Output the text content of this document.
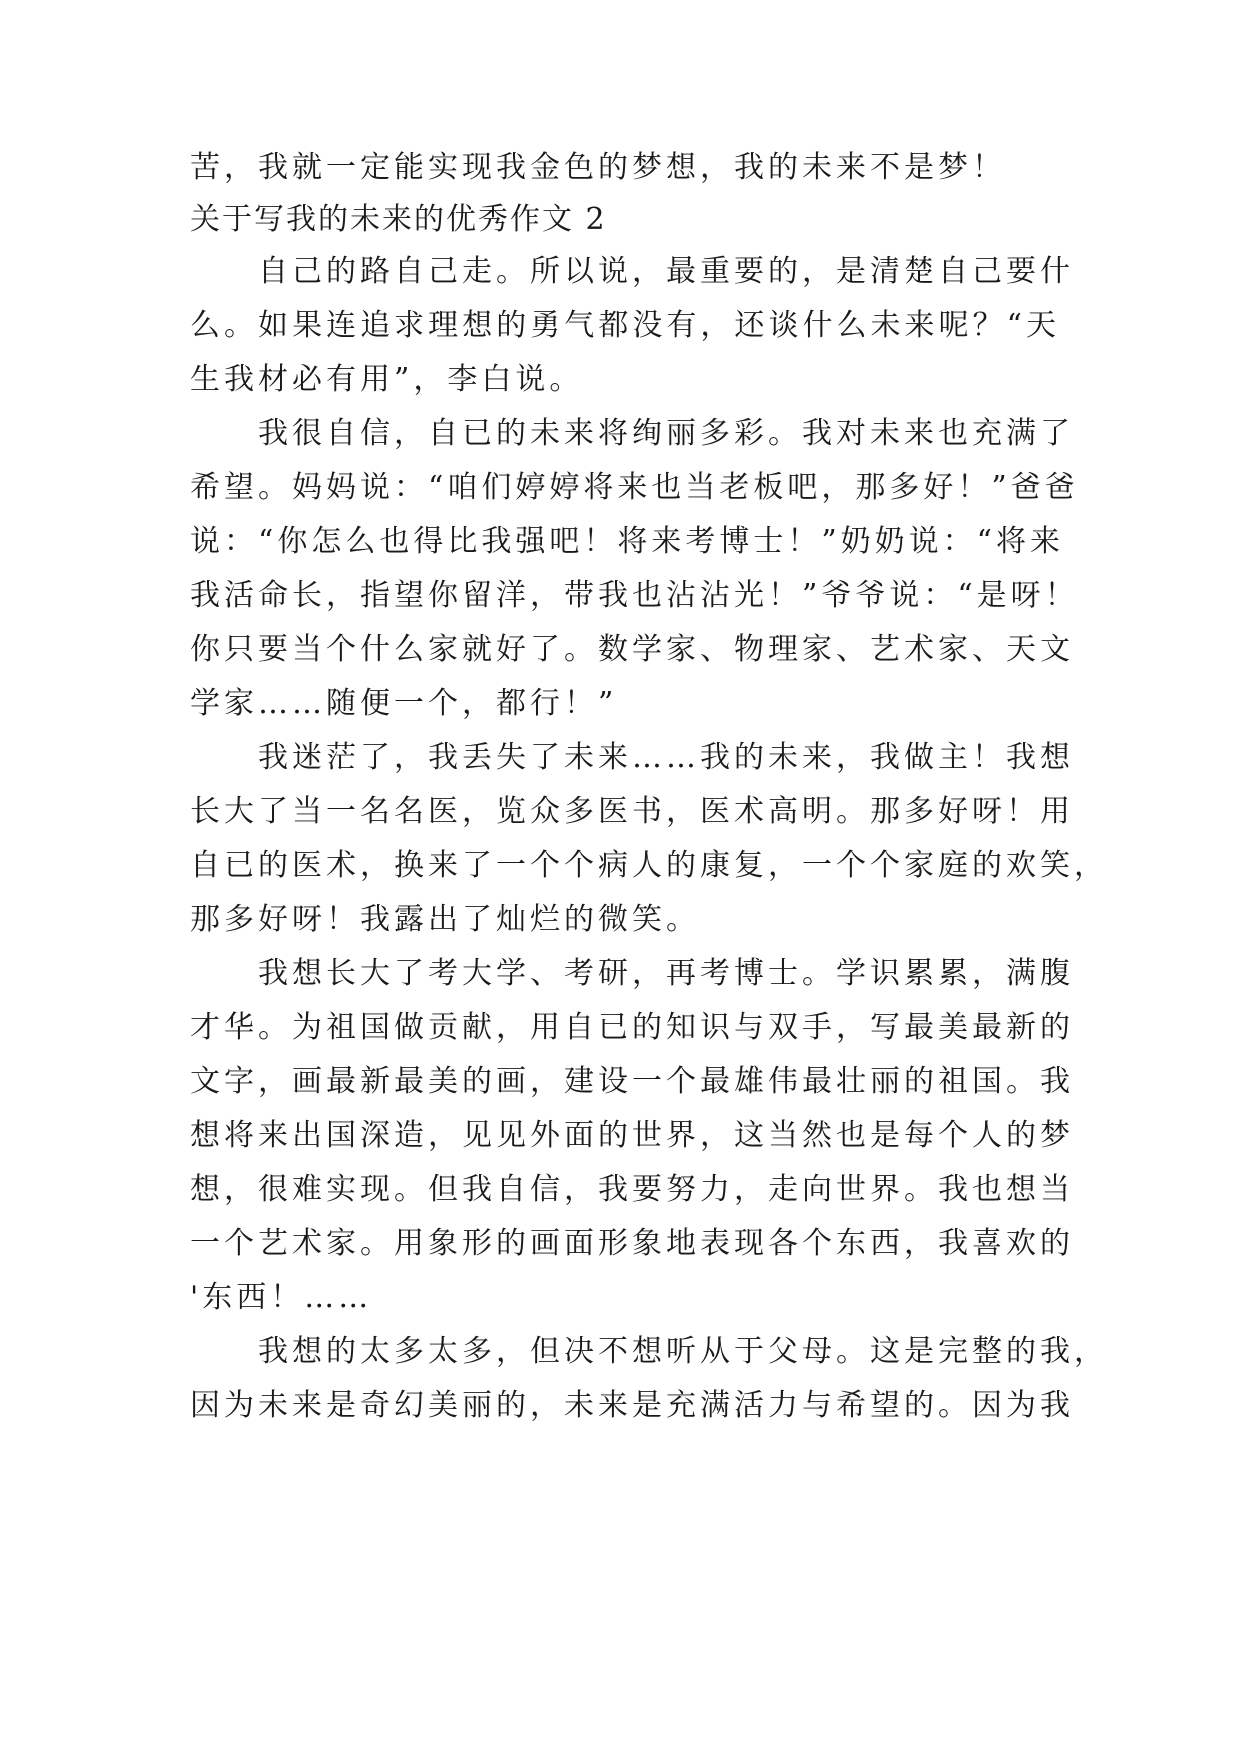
苦，我就一定能实现我金色的梦想，我的未来不是梦！
关于写我的未来的优秀作文 2
自己的路自己走。所以说，最重要的，是清楚自己要什
么。如果连追求理想的勇气都没有，还谈什么未来呢？“天
生我材必有用”，李白说。
我很自信，自已的未来将绚丽多彩。我对未来也充满了
希望。妈妈说：“咱们婷婷将来也当老板吧，那多好！”爸爸
说：“你怎么也得比我强吧！将来考博士！”奶奶说：“将来
我活命长，指望你留洋，带我也沾沾光！”爷爷说：“是呀！
你只要当个什么家就好了。数学家、物理家、艺术家、天文
学家……随便一个，都行！”
我迷茫了，我丢失了未来……我的未来，我做主！我想
长大了当一名名医，览众多医书，医术高明。那多好呀！用
自已的医术，换来了一个个病人的康复，一个个家庭的欢笑，
那多好呀！我露出了灿烂的微笑。
我想长大了考大学、考研，再考博士。学识累累，满腹
才华。为祖国做贡献，用自已的知识与双手，写最美最新的
文字，画最新最美的画，建设一个最雄伟最壮丽的祖国。我
想将来出国深造，见见外面的世界，这当然也是每个人的梦
想，很难实现。但我自信，我要努力，走向世界。我也想当
一个艺术家。用象形的画面形象地表现各个东西，我喜欢的
'东西！……
我想的太多太多，但决不想听从于父母。这是完整的我，
因为未来是奇幻美丽的，未来是充满活力与希望的。因为我
